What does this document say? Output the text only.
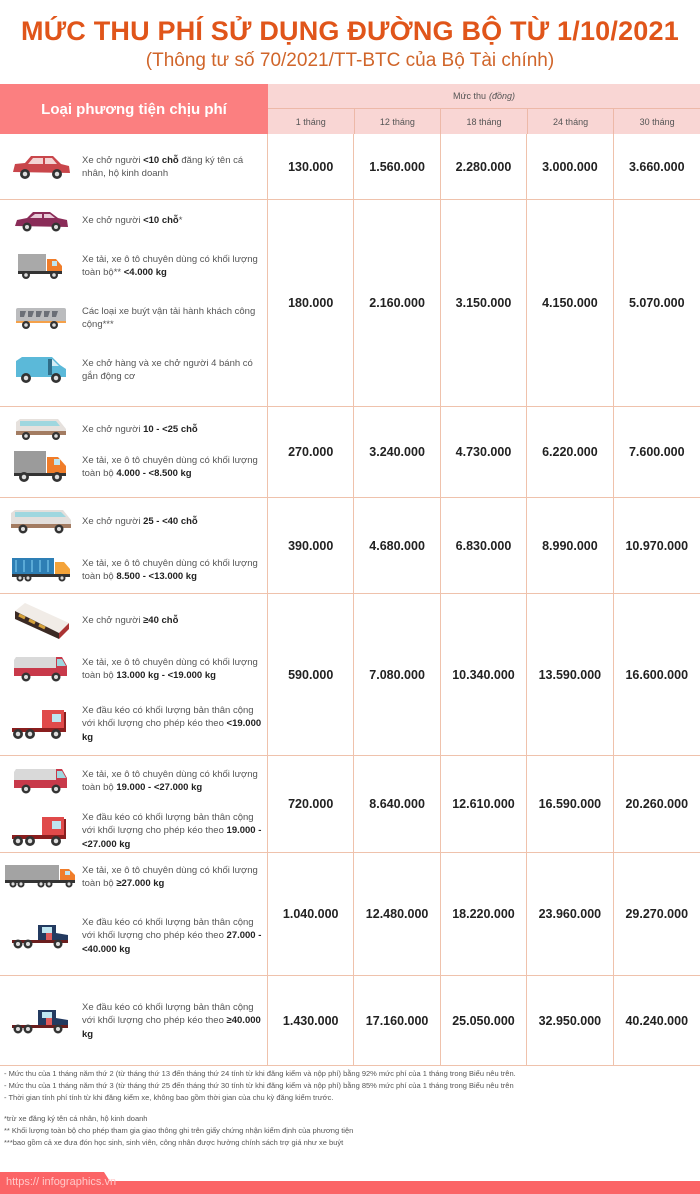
MỨC THU PHÍ SỬ DỤNG ĐƯỜNG BỘ TỪ 1/10/2021
(Thông tư số 70/2021/TT-BTC của Bộ Tài chính)
Loại phương tiện chịu phí
Mức thu (đồng)
1 tháng	12 tháng	18 tháng	24 tháng	30 tháng
Xe chở người <10 chỗ đăng ký tên cá nhân, hộ kinh doanh	130.000	1.560.000	2.280.000	3.000.000	3.660.000
Xe chở người <10 chỗ*
Xe tải, xe ô tô chuyên dùng có khối lượng toàn bộ** <4.000 kg
Các loại xe buýt vận tải hành khách công cộng***
Xe chở hàng và xe chở người 4 bánh có gắn động cơ
180.000	2.160.000	3.150.000	4.150.000	5.070.000
Xe chở người 10 - <25 chỗ
Xe tải, xe ô tô chuyên dùng có khối lượng toàn bộ 4.000 - <8.500 kg
270.000	3.240.000	4.730.000	6.220.000	7.600.000
Xe chở người 25 - <40 chỗ
Xe tải, xe ô tô chuyên dùng có khối lượng toàn bộ 8.500 - <13.000 kg
390.000	4.680.000	6.830.000	8.990.000	10.970.000
Xe chở người ≥40 chỗ
Xe tải, xe ô tô chuyên dùng có khối lượng toàn bộ 13.000 kg - <19.000 kg
Xe đầu kéo có khối lượng bản thân cộng với khối lượng cho phép kéo theo <19.000 kg
590.000	7.080.000	10.340.000	13.590.000	16.600.000
Xe tải, xe ô tô chuyên dùng có khối lượng toàn bộ 19.000 - <27.000 kg
Xe đầu kéo có khối lượng bản thân cộng với khối lượng cho phép kéo theo 19.000 - <27.000 kg
720.000	8.640.000	12.610.000	16.590.000	20.260.000
Xe tải, xe ô tô chuyên dùng có khối lượng toàn bộ ≥27.000 kg
Xe đầu kéo có khối lượng bản thân cộng với khối lượng cho phép kéo theo 27.000 - <40.000 kg
1.040.000	12.480.000	18.220.000	23.960.000	29.270.000
Xe đầu kéo có khối lượng bản thân cộng với khối lượng cho phép kéo theo ≥40.000 kg
1.430.000	17.160.000	25.050.000	32.950.000	40.240.000
- Mức thu của 1 tháng năm thứ 2 (từ tháng thứ 13 đến tháng thứ 24 tính từ khi đăng kiểm và nộp phí) bằng 92% mức phí của 1 tháng trong Biểu nêu trên.
- Mức thu của 1 tháng năm thứ 3 (từ tháng thứ 25 đến tháng thứ 30 tính từ khi đăng kiểm và nộp phí) bằng 85% mức phí của 1 tháng trong Biểu nêu trên
- Thời gian tính phí tính từ khi đăng kiểm xe, không bao gồm thời gian của chu kỳ đăng kiểm trước.
*trừ xe đăng ký tên cá nhân, hộ kinh doanh
** Khối lượng toàn bộ cho phép tham gia giao thông ghi trên giấy chứng nhận kiểm định của phương tiện
***bao gồm cả xe đưa đón học sinh, sinh viên, công nhân được hưởng chính sách trợ giá như xe buýt
https:// infographics.vn
